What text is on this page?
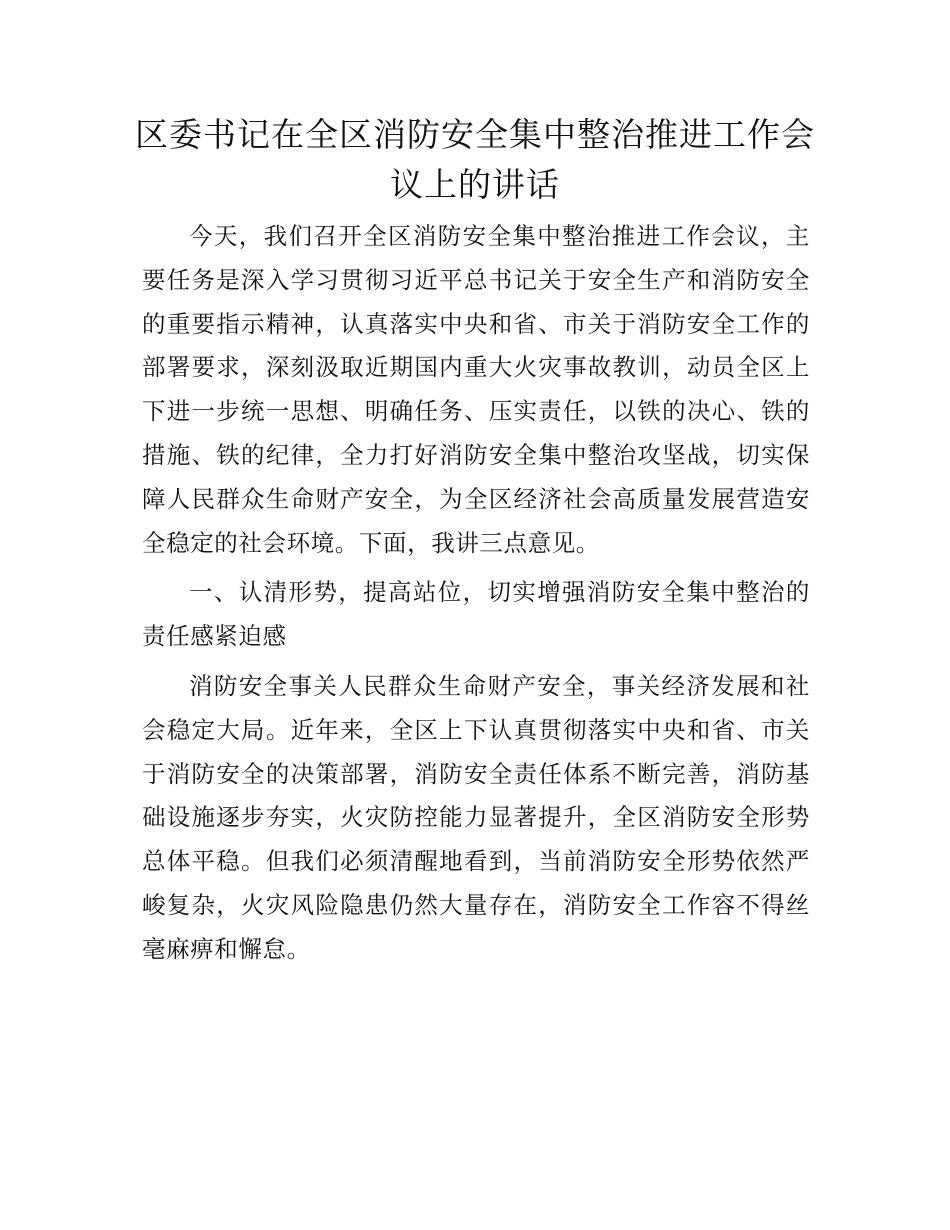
区委书记在全区消防安全集中整治推进工作会
议上的讲话

今天，我们召开全区消防安全集中整治推进工作会议，主要任务是深入学习贯彻习近平总书记关于安全生产和消防安全的重要指示精神，认真落实中央和省、市关于消防安全工作的部署要求，深刻汲取近期国内重大火灾事故教训，动员全区上下进一步统一思想、明确任务、压实责任，以铁的决心、铁的措施、铁的纪律，全力打好消防安全集中整治攻坚战，切实保障人民群众生命财产安全，为全区经济社会高质量发展营造安全稳定的社会环境。下面，我讲三点意见。

一、认清形势，提高站位，切实增强消防安全集中整治的责任感紧迫感

消防安全事关人民群众生命财产安全，事关经济发展和社会稳定大局。近年来，全区上下认真贯彻落实中央和省、市关于消防安全的决策部署，消防安全责任体系不断完善，消防基础设施逐步夯实，火灾防控能力显著提升，全区消防安全形势总体平稳。但我们必须清醒地看到，当前消防安全形势依然严峻复杂，火灾风险隐患仍然大量存在，消防安全工作容不得丝毫麻痹和懈怠。
